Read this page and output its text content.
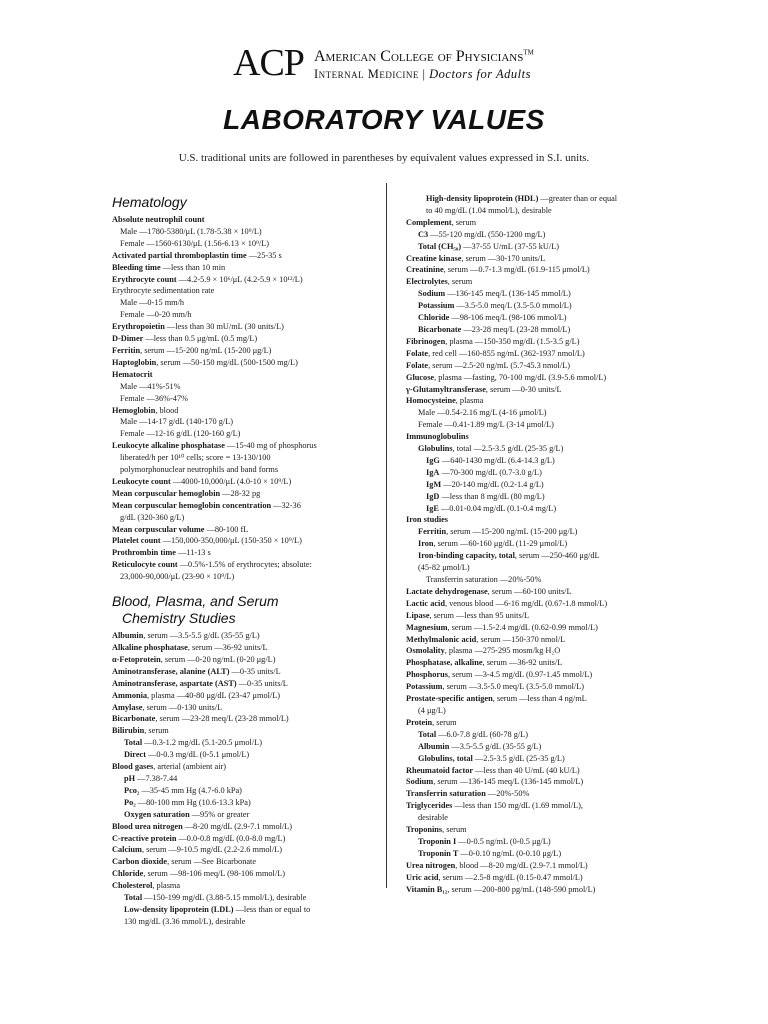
ACP American College of Physicians™
Internal Medicine | Doctors for Adults
LABORATORY VALUES
U.S. traditional units are followed in parentheses by equivalent values expressed in S.I. units.
Hematology
Absolute neutrophil count
Male —1780-5380/μL (1.78-5.38 × 10⁹/L)
Female —1560-6130/μL (1.56-6.13 × 10⁹/L)
Activated partial thromboplastin time —25-35 s
Bleeding time —less than 10 min
Erythrocyte count —4.2-5.9 × 10⁶/μL (4.2-5.9 × 10¹²/L)
Erythrocyte sedimentation rate
Male —0-15 mm/h
Female —0-20 mm/h
Erythropoietin —less than 30 mU/mL (30 units/L)
D-Dimer —less than 0.5 μg/mL (0.5 mg/L)
Ferritin, serum —15-200 ng/mL (15-200 μg/L)
Haptoglobin, serum —50-150 mg/dL (500-1500 mg/L)
Hematocrit
Male —41%-51%
Female —36%-47%
Hemoglobin, blood
Male —14-17 g/dL (140-170 g/L)
Female —12-16 g/dL (120-160 g/L)
Leukocyte alkaline phosphatase —15-40 mg of phosphorus
liberated/h per 10¹⁰ cells; score = 13-130/100
polymorphonuclear neutrophils and band forms
Leukocyte count —4000-10,000/μL (4.0-10 × 10⁹/L)
Mean corpuscular hemoglobin —28-32 pg
Mean corpuscular hemoglobin concentration —32-36
g/dL (320-360 g/L)
Mean corpuscular volume —80-100 fL
Platelet count —150,000-350,000/μL (150-350 × 10⁹/L)
Prothrombin time —11-13 s
Reticulocyte count —0.5%-1.5% of erythrocytes; absolute:
23,000-90,000/μL (23-90 × 10⁹/L)
Blood, Plasma, and Serum
Chemistry Studies
Albumin, serum —3.5-5.5 g/dL (35-55 g/L)
Alkaline phosphatase, serum —36-92 units/L
α-Fetoprotein, serum —0-20 ng/mL (0-20 μg/L)
Aminotransferase, alanine (ALT) —0-35 units/L
Aminotransferase, aspartate (AST) —0-35 units/L
Ammonia, plasma —40-80 μg/dL (23-47 μmol/L)
Amylase, serum —0-130 units/L
Bicarbonate, serum —23-28 meq/L (23-28 mmol/L)
Bilirubin, serum
Total —0.3-1.2 mg/dL (5.1-20.5 μmol/L)
Direct —0-0.3 mg/dL (0-5.1 μmol/L)
Blood gases, arterial (ambient air)
pH —7.38-7.44
Pco₂ —35-45 mm Hg (4.7-6.0 kPa)
Po₂ —80-100 mm Hg (10.6-13.3 kPa)
Oxygen saturation —95% or greater
Blood urea nitrogen —8-20 mg/dL (2.9-7.1 mmol/L)
C-reactive protein —0.0-0.8 mg/dL (0.0-8.0 mg/L)
Calcium, serum —9-10.5 mg/dL (2.2-2.6 mmol/L)
Carbon dioxide, serum —See Bicarbonate
Chloride, serum —98-106 meq/L (98-106 mmol/L)
Cholesterol, plasma
Total —150-199 mg/dL (3.88-5.15 mmol/L), desirable
Low-density lipoprotein (LDL) —less than or equal to
130 mg/dL (3.36 mmol/L), desirable
High-density lipoprotein (HDL) —greater than or equal
to 40 mg/dL (1.04 mmol/L), desirable
Complement, serum
C3 —55-120 mg/dL (550-1200 mg/L)
Total (CH₅₀) —37-55 U/mL (37-55 kU/L)
Creatine kinase, serum —30-170 units/L
Creatinine, serum —0.7-1.3 mg/dL (61.9-115 μmol/L)
Electrolytes, serum
Sodium —136-145 meq/L (136-145 mmol/L)
Potassium —3.5-5.0 meq/L (3.5-5.0 mmol/L)
Chloride —98-106 meq/L (98-106 mmol/L)
Bicarbonate —23-28 meq/L (23-28 mmol/L)
Fibrinogen, plasma —150-350 mg/dL (1.5-3.5 g/L)
Folate, red cell —160-855 ng/mL (362-1937 nmol/L)
Folate, serum —2.5-20 ng/mL (5.7-45.3 nmol/L)
Glucose, plasma —fasting, 70-100 mg/dL (3.9-5.6 mmol/L)
γ-Glutamyltransferase, serum —0-30 units/L
Homocysteine, plasma
Male —0.54-2.16 mg/L (4-16 μmol/L)
Female —0.41-1.89 mg/L (3-14 μmol/L)
Immunoglobulins
Globulins, total —2.5-3.5 g/dL (25-35 g/L)
IgG —640-1430 mg/dL (6.4-14.3 g/L)
IgA —70-300 mg/dL (0.7-3.0 g/L)
IgM —20-140 mg/dL (0.2-1.4 g/L)
IgD —less than 8 mg/dL (80 mg/L)
IgE —0.01-0.04 mg/dL (0.1-0.4 mg/L)
Iron studies
Ferritin, serum —15-200 ng/mL (15-200 μg/L)
Iron, serum —60-160 μg/dL (11-29 μmol/L)
Iron-binding capacity, total, serum —250-460 μg/dL
(45-82 μmol/L)
Transferrin saturation —20%-50%
Lactate dehydrogenase, serum —60-100 units/L
Lactic acid, venous blood —6-16 mg/dL (0.67-1.8 mmol/L)
Lipase, serum —less than 95 units/L
Magnesium, serum —1.5-2.4 mg/dL (0.62-0.99 mmol/L)
Methylmalonic acid, serum —150-370 nmol/L
Osmolality, plasma —275-295 mosm/kg H₂O
Phosphatase, alkaline, serum —36-92 units/L
Phosphorus, serum —3-4.5 mg/dL (0.97-1.45 mmol/L)
Potassium, serum —3.5-5.0 meq/L (3.5-5.0 mmol/L)
Prostate-specific antigen, serum —less than 4 ng/mL
(4 μg/L)
Protein, serum
Total —6.0-7.8 g/dL (60-78 g/L)
Albumin —3.5-5.5 g/dL (35-55 g/L)
Globulins, total —2.5-3.5 g/dL (25-35 g/L)
Rheumatoid factor —less than 40 U/mL (40 kU/L)
Sodium, serum —136-145 meq/L (136-145 mmol/L)
Transferrin saturation —20%-50%
Triglycerides —less than 150 mg/dL (1.69 mmol/L),
desirable
Troponins, serum
Troponin I —0-0.5 ng/mL (0-0.5 μg/L)
Troponin T —0-0.10 ng/mL (0-0.10 μg/L)
Urea nitrogen, blood —8-20 mg/dL (2.9-7.1 mmol/L)
Uric acid, serum —2.5-8 mg/dL (0.15-0.47 mmol/L)
Vitamin B₁₂, serum —200-800 pg/mL (148-590 pmol/L)
